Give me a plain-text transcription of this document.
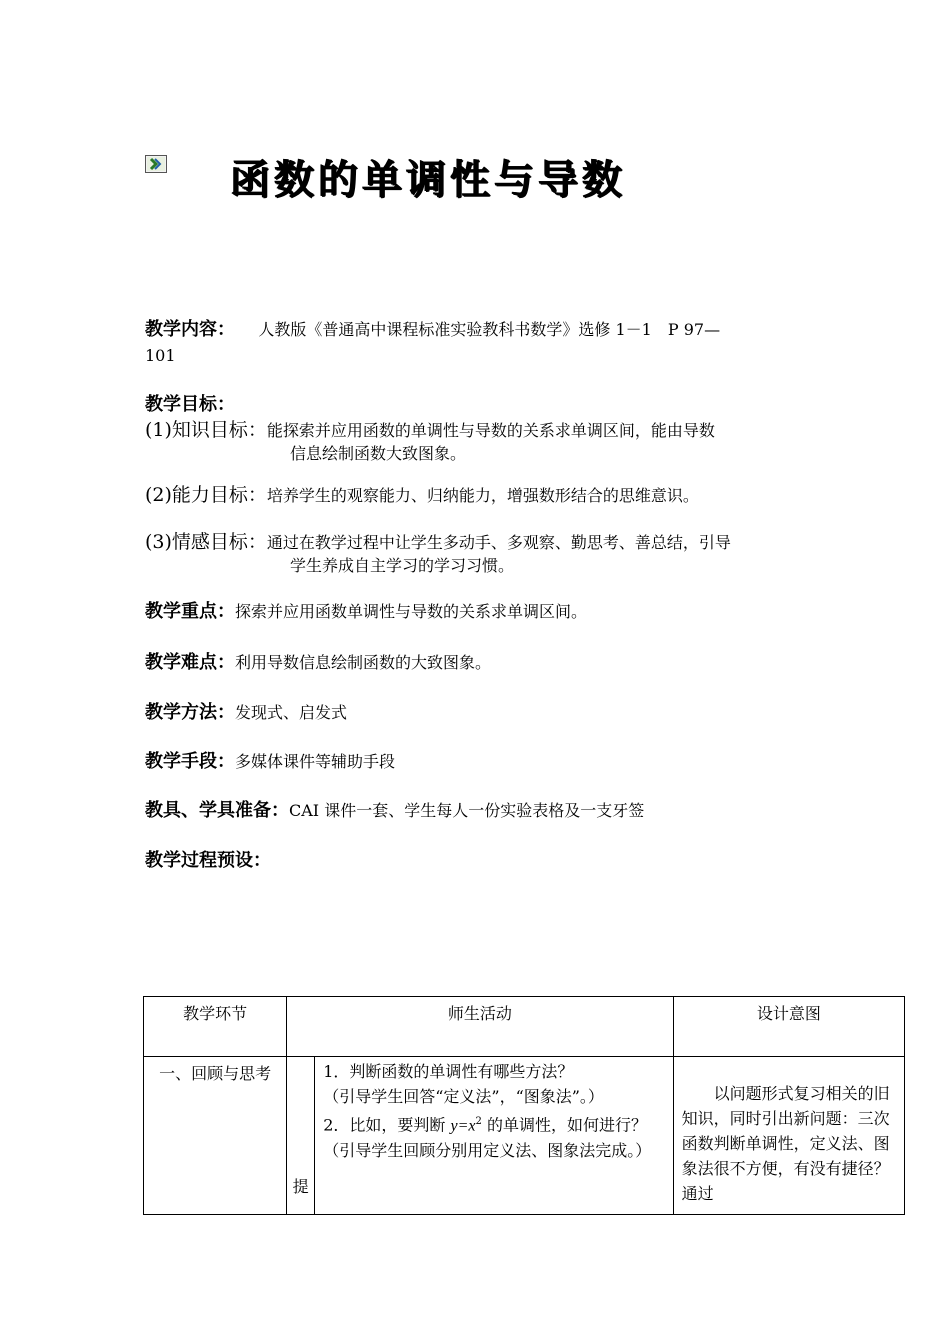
函数的单调性与导数
教学内容： 人教版《普通高中课程标准实验教科书数学》选修 1－1　P 97—
101
教学目标：
(1)知识目标：能探索并应用函数的单调性与导数的关系求单调区间，能由导数
信息绘制函数大致图象。
(2)能力目标：培养学生的观察能力、归纳能力，增强数形结合的思维意识。
(3)情感目标：通过在教学过程中让学生多动手、多观察、勤思考、善总结，引导
学生养成自主学习的学习习惯。
教学重点：探索并应用函数单调性与导数的关系求单调区间。
教学难点：利用导数信息绘制函数的大致图象。
教学方法：发现式、启发式
教学手段：多媒体课件等辅助手段
教具、学具准备：CAI 课件一套、学生每人一份实验表格及一支牙签
教学过程预设：
教学环节	师生活动		设计意图
一、回顾与思考	提	1．判断函数的单调性有哪些方法？
（引导学生回答“定义法”，“图象法”。）
2．比如，要判断 $y=x^2$ 的单调性，如何进行？（引导学生回顾分别用定义法、图象法完成。）	以问题形式复习相关的旧知识，同时引出新问题：三次函数判断单调性，定义法、图象法很不方便，有没有捷径？通过
